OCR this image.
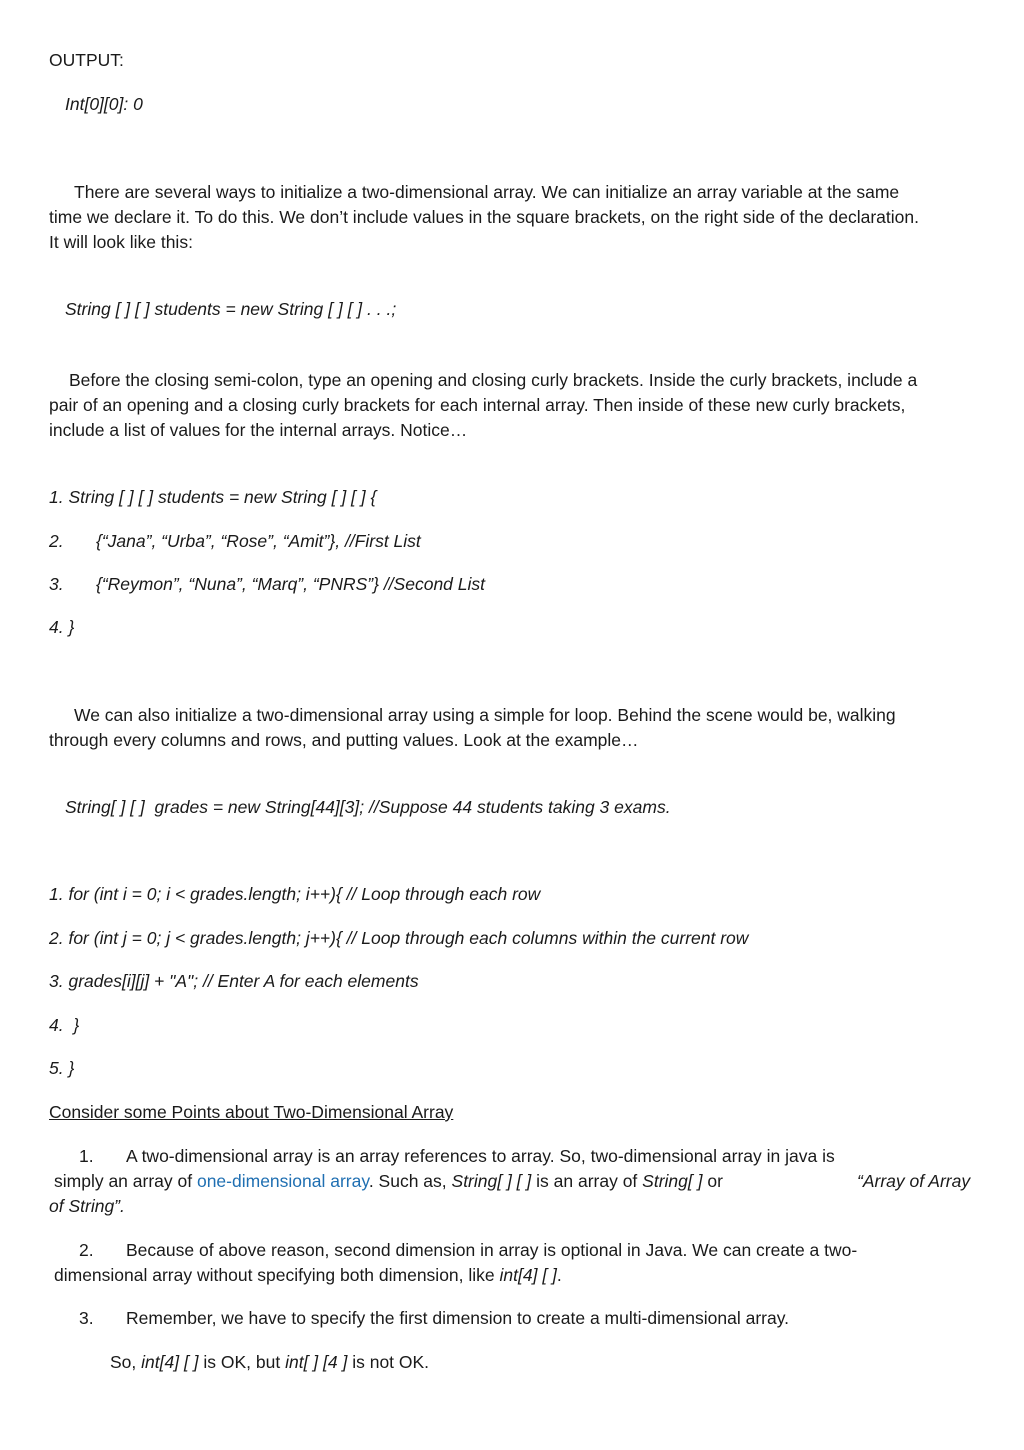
OUTPUT:
Int[0][0]: 0
There are several ways to initialize a two-dimensional array. We can initialize an array variable at the same
time we declare it. To do this. We don’t include values in the square brackets, on the right side of the declaration.
It will look like this:
String [ ] [ ] students = new String [ ] [ ] . . .;
Before the closing semi-colon, type an opening and closing curly brackets. Inside the curly brackets, include a
pair of an opening and a closing curly brackets for each internal array. Then inside of these new curly brackets,
include a list of values for the internal arrays. Notice…
1. String [ ] [ ] students = new String [ ] [ ] {
2. {“Jana”, “Urba”, “Rose”, “Amit”}, //First List
3. {“Reymon”, “Nuna”, “Marq”, “PNRS”} //Second List
4. }
We can also initialize a two-dimensional array using a simple for loop. Behind the scene would be, walking
through every columns and rows, and putting values. Look at the example…
String[ ] [ ]  grades = new String[44][3]; //Suppose 44 students taking 3 exams.
1. for (int i = 0; i < grades.length; i++){ // Loop through each row
2. for (int j = 0; j < grades.length; j++){ // Loop through each columns within the current row
3. grades[i][j] + "A"; // Enter A for each elements
4.  }
5. }
Consider some Points about Two-Dimensional Array
1. A two-dimensional array is an array references to array. So, two-dimensional array in java is
simply an array of one-dimensional array. Such as, String[ ] [ ] is an array of String[ ] or	“Array of Array
of String”.
2. Because of above reason, second dimension in array is optional in Java. We can create a two-
dimensional array without specifying both dimension, like int[4] [ ].
3. Remember, we have to specify the first dimension to create a multi-dimensional array.
So, int[4] [ ] is OK, but int[ ] [4 ] is not OK.
